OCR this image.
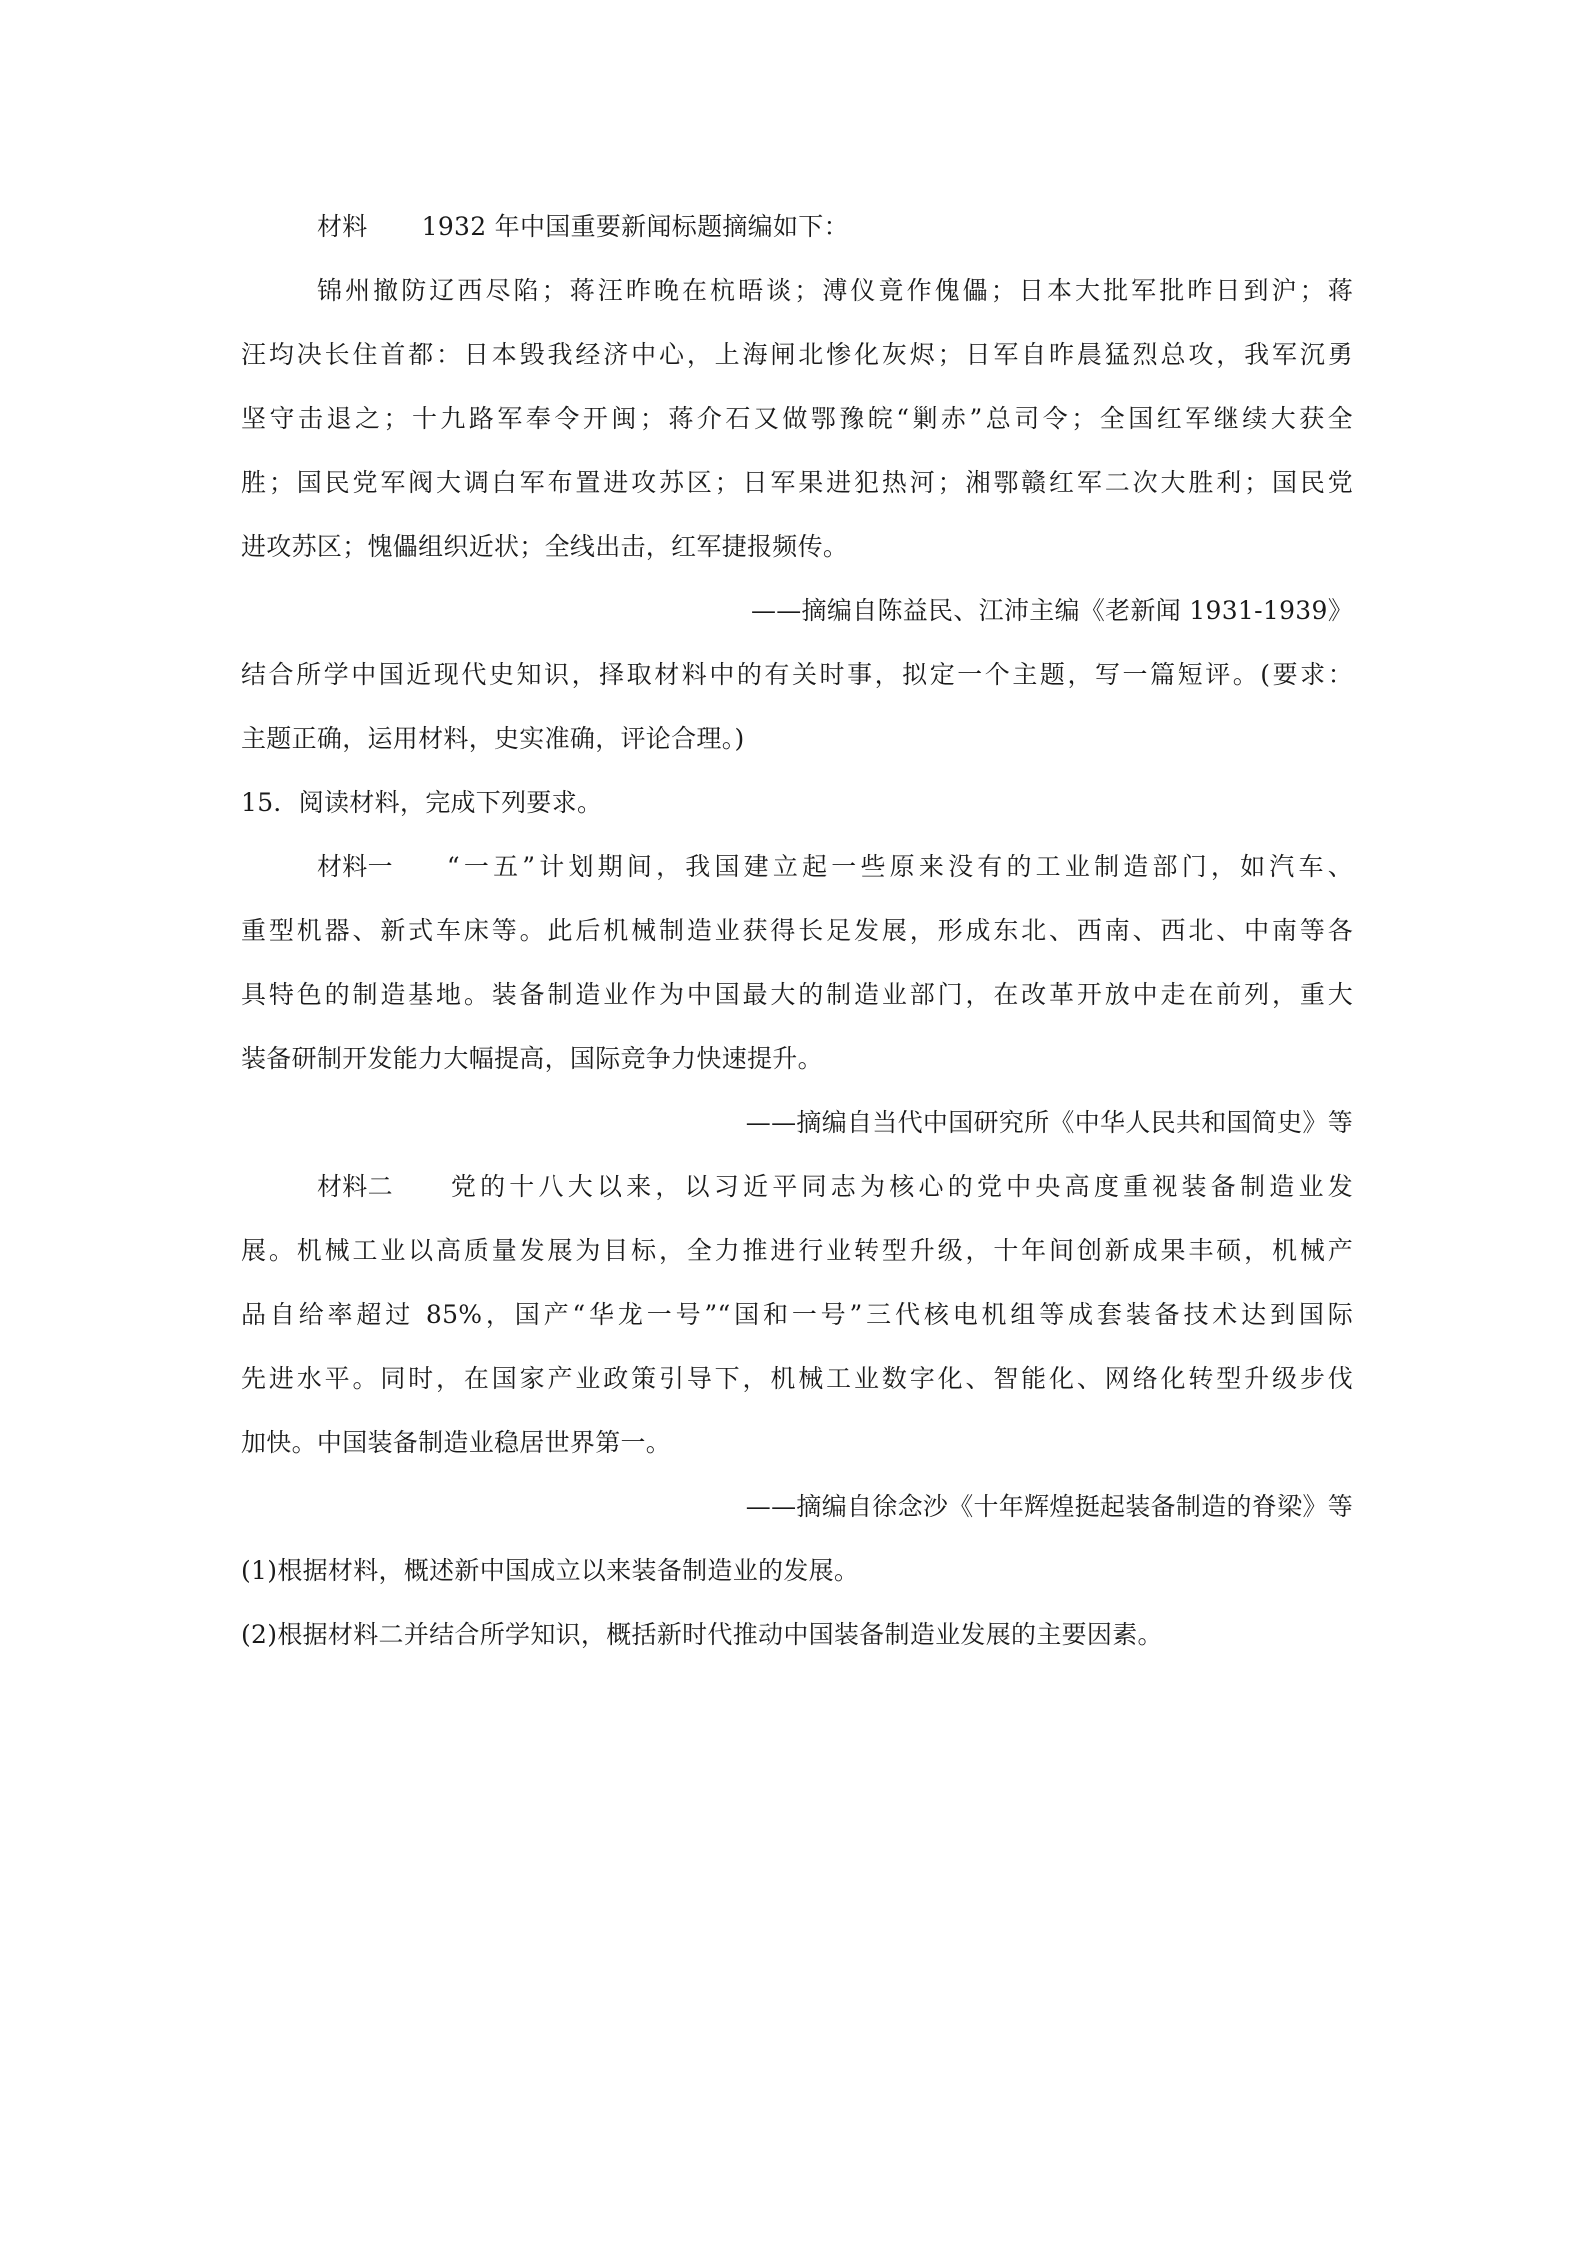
材料 1932 年中国重要新闻标题摘编如下：
锦州撤防辽西尽陷；蒋汪昨晚在杭晤谈；溥仪竟作傀儡；日本大批军批昨日到沪；蒋
汪均决长住首都：日本毁我经济中心，上海闸北惨化灰烬；日军自昨晨猛烈总攻，我军沉勇
坚守击退之；十九路军奉令开闽；蒋介石又做鄂豫皖“剿赤”总司令；全国红军继续大获全
胜；国民党军阀大调白军布置进攻苏区；日军果进犯热河；湘鄂赣红军二次大胜利；国民党
进攻苏区；愧儡组织近状；全线出击，红军捷报频传。
——摘编自陈益民、江沛主编《老新闻 1931-1939》
结合所学中国近现代史知识，择取材料中的有关时事，拟定一个主题，写一篇短评。(要求：
主题正确，运用材料，史实准确，评论合理。)
15．阅读材料，完成下列要求。
材料一 “一五”计划期间，我国建立起一些原来没有的工业制造部门，如汽车、
重型机器、新式车床等。此后机械制造业获得长足发展，形成东北、西南、西北、中南等各
具特色的制造基地。装备制造业作为中国最大的制造业部门，在改革开放中走在前列，重大
装备研制开发能力大幅提高，国际竞争力快速提升。
——摘编自当代中国研究所《中华人民共和国简史》等
材料二 党的十八大以来，以习近平同志为核心的党中央高度重视装备制造业发
展。机械工业以高质量发展为目标，全力推进行业转型升级，十年间创新成果丰硕，机械产
品自给率超过 85%，国产“华龙一号”“国和一号”三代核电机组等成套装备技术达到国际
先进水平。同时，在国家产业政策引导下，机械工业数字化、智能化、网络化转型升级步伐
加快。中国装备制造业稳居世界第一。
——摘编自徐念沙《十年辉煌挺起装备制造的脊梁》等
(1)根据材料，概述新中国成立以来装备制造业的发展。
(2)根据材料二并结合所学知识，概括新时代推动中国装备制造业发展的主要因素。
